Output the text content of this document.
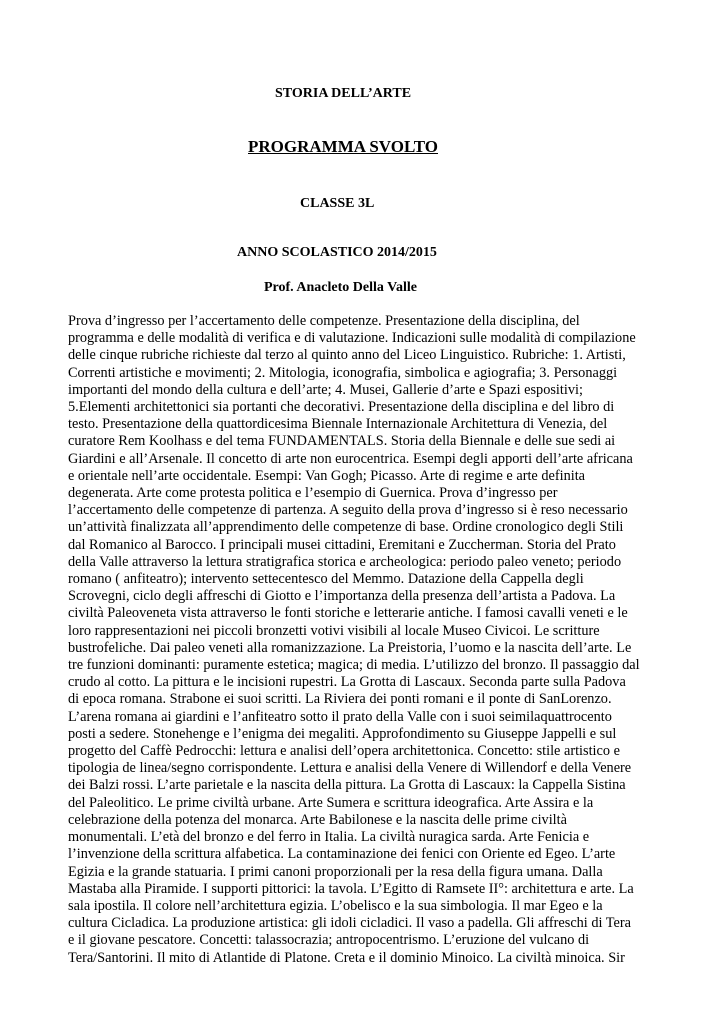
STORIA DELL’ARTE
PROGRAMMA SVOLTO
CLASSE 3L
ANNO SCOLASTICO 2014/2015
Prof. Anacleto Della Valle
Prova d’ingresso per l’accertamento delle competenze. Presentazione della disciplina, del
programma e delle modalità di verifica e di valutazione. Indicazioni sulle modalità di compilazione
delle cinque rubriche richieste dal terzo al quinto anno del Liceo Linguistico. Rubriche: 1. Artisti,
Correnti artistiche e movimenti; 2. Mitologia, iconografia, simbolica e agiografia; 3. Personaggi
importanti del mondo della cultura e dell’arte; 4. Musei, Gallerie d’arte e Spazi espositivi;
5.Elementi architettonici sia portanti che decorativi. Presentazione della disciplina e del libro di
testo. Presentazione della quattordicesima Biennale Internazionale Architettura di Venezia, del
curatore Rem Koolhass e del tema FUNDAMENTALS. Storia della Biennale e delle sue sedi ai
Giardini e all’Arsenale. Il concetto di arte non eurocentrica. Esempi degli apporti dell’arte africana
e orientale nell’arte occidentale. Esempi: Van Gogh; Picasso. Arte di regime e arte definita
degenerata. Arte come protesta politica e l’esempio di Guernica. Prova d’ingresso per
l’accertamento delle competenze di partenza. A seguito della prova d’ingresso si è reso necessario
un’attività finalizzata all’apprendimento delle competenze di base. Ordine cronologico degli Stili
dal Romanico al Barocco. I principali musei cittadini, Eremitani e Zuccherman. Storia del Prato
della Valle attraverso la lettura stratigrafica storica e archeologica: periodo paleo veneto; periodo
romano ( anfiteatro); intervento settecentesco del Memmo. Datazione della Cappella degli
Scrovegni, ciclo degli affreschi di Giotto e l’importanza della presenza dell’artista a Padova. La
civiltà Paleoveneta vista attraverso le fonti storiche e letterarie antiche. I famosi cavalli veneti e le
loro rappresentazioni nei piccoli bronzetti votivi visibili al locale Museo Civicoi. Le scritture
bustrofeliche. Dai paleo veneti alla romanizzazione. La Preistoria, l’uomo e la nascita dell’arte. Le
tre funzioni dominanti: puramente estetica; magica; di media. L’utilizzo del bronzo. Il passaggio dal
crudo al cotto. La pittura e le incisioni rupestri. La Grotta di Lascaux. Seconda parte sulla Padova
di epoca romana. Strabone ei suoi scritti. La Riviera dei ponti romani e il ponte di SanLorenzo.
L’arena romana ai giardini e l’anfiteatro sotto il prato della Valle con i suoi seimilaquattrocento
posti a sedere. Stonehenge e l’enigma dei megaliti. Approfondimento su Giuseppe Jappelli e sul
progetto del Caffè Pedrocchi: lettura e analisi dell’opera architettonica. Concetto: stile artistico e
tipologia de linea/segno corrispondente. Lettura e analisi della Venere di Willendorf e della Venere
dei Balzi rossi. L’arte parietale e la nascita della pittura. La Grotta di Lascaux: la Cappella Sistina
del Paleolitico. Le prime civiltà urbane. Arte Sumera e scrittura ideografica. Arte Assira e la
celebrazione della potenza del monarca. Arte Babilonese e la nascita delle prime civiltà
monumentali. L’età del bronzo e del ferro in Italia. La civiltà nuragica sarda. Arte Fenicia e
l’invenzione della scrittura alfabetica. La contaminazione dei fenici con Oriente ed Egeo. L’arte
Egizia e la grande statuaria. I primi canoni proporzionali per la resa della figura umana. Dalla
Mastaba alla Piramide. I supporti pittorici: la tavola. L’Egitto di Ramsete II°: architettura e arte. La
sala ipostila. Il colore nell’architettura egizia. L’obelisco e la sua simbologia. Il mar Egeo e la
cultura Cicladica. La produzione artistica: gli idoli cicladici. Il vaso a padella. Gli affreschi di Tera
e il giovane pescatore. Concetti: talassocrazia; antropocentrismo. L’eruzione del vulcano di
Tera/Santorini. Il mito di Atlantide di Platone. Creta e il dominio Minoico. La civiltà minoica. Sir
